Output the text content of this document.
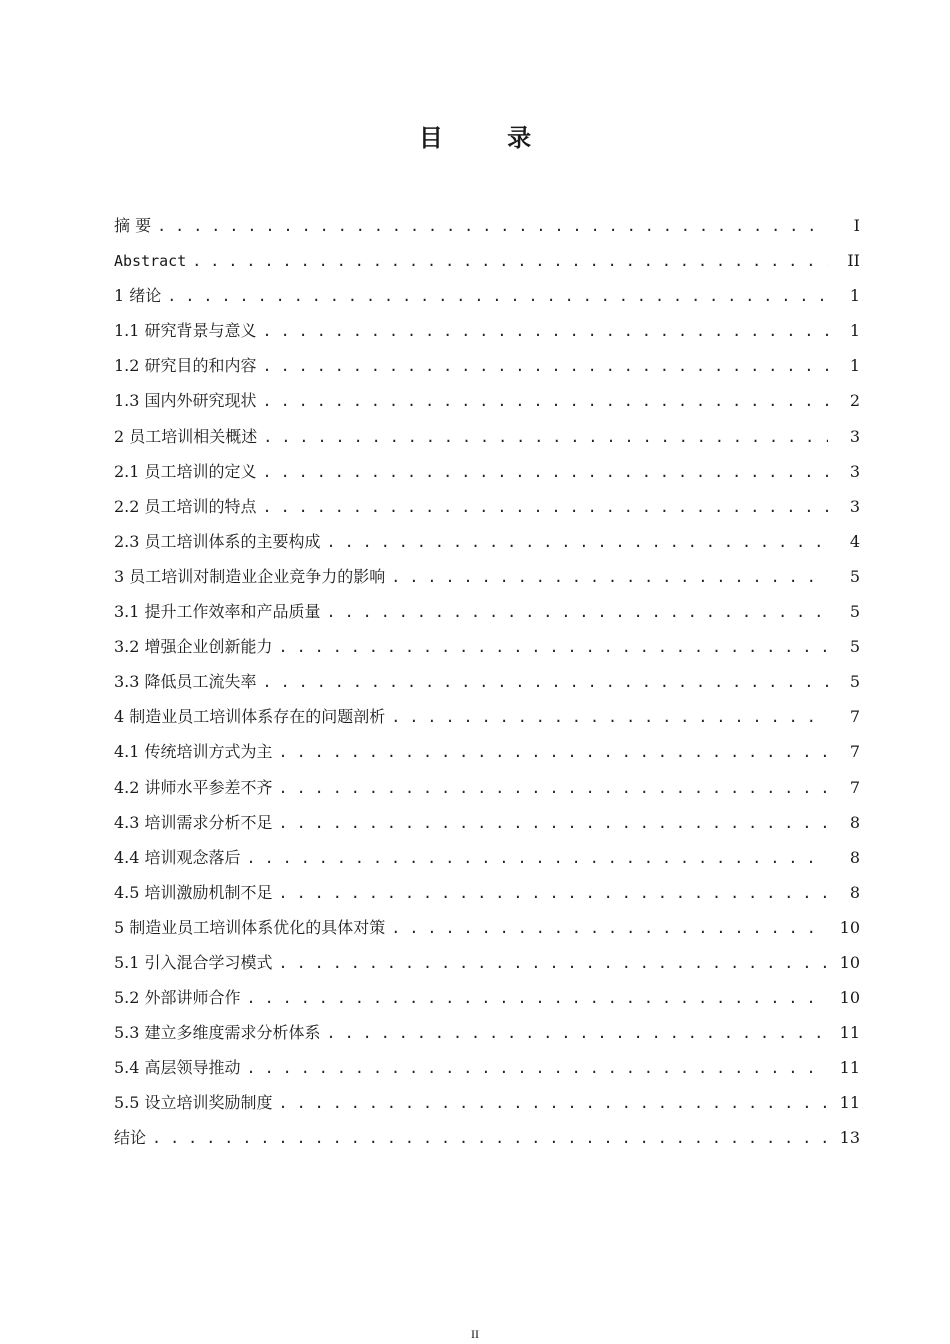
目 录
摘 要 . . .	I
Abstract . . .	II
1 绪论 . . .	1
1.1 研究背景与意义 . . .	1
1.2 研究目的和内容 . . .	1
1.3 国内外研究现状 . . .	2
2 员工培训相关概述 . . .	3
2.1 员工培训的定义 . . .	3
2.2 员工培训的特点 . . .	3
2.3 员工培训体系的主要构成 . . .	4
3 员工培训对制造业企业竞争力的影响 . . .	5
3.1 提升工作效率和产品质量 . . .	5
3.2 增强企业创新能力 . . .	5
3.3 降低员工流失率 . . .	5
4 制造业员工培训体系存在的问题剖析 . . .	7
4.1 传统培训方式为主 . . .	7
4.2 讲师水平参差不齐 . . .	7
4.3 培训需求分析不足 . . .	8
4.4 培训观念落后 . . .	8
4.5 培训激励机制不足 . . .	8
5 制造业员工培训体系优化的具体对策 . . .	10
5.1 引入混合学习模式 . . .	10
5.2 外部讲师合作 . . .	10
5.3 建立多维度需求分析体系 . . .	11
5.4 高层领导推动 . . .	11
5.5 设立培训奖励制度 . . .	11
结论 . . .	13
II
